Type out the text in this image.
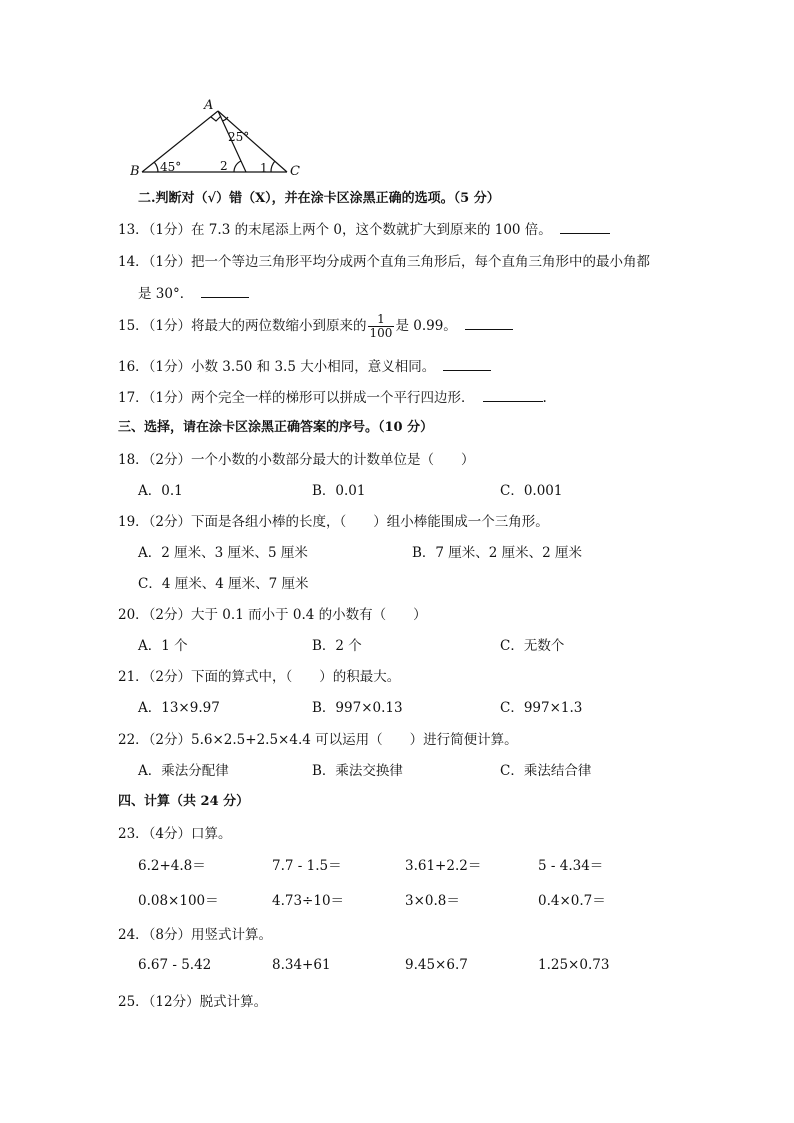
A
B	C
45°
25°
2	1
二.判断对（√）错（X），并在涂卡区涂黑正确的选项。（5 分）
13．（1分）在 7.3 的末尾添上两个 0，这个数就扩大到原来的 100 倍。
14．（1分）把一个等边三角形平均分成两个直角三角形后，每个直角三角形中的最小角都
是 30°．
15．（1分）将最大的两位数缩小到原来的 $\frac{1}{100}$ 是 0.99。
16．（1分）小数 3.50 和 3.5 大小相同，意义相同。
17．（1分）两个完全一样的梯形可以拼成一个平行四边形．	.
三、选择，请在涂卡区涂黑正确答案的序号。（10 分）
18．（2分）一个小数的小数部分最大的计数单位是（　　）
A．0.1	B．0.01	C．0.001
19．（2分）下面是各组小棒的长度，（　　）组小棒能围成一个三角形。
A．2 厘米、3 厘米、5 厘米	B．7 厘米、2 厘米、2 厘米
C．4 厘米、4 厘米、7 厘米
20．（2分）大于 0.1 而小于 0.4 的小数有（　　）
A．1 个	B．2 个	C．无数个
21．（2分）下面的算式中，（　　）的积最大。
A．13×9.97	B．997×0.13	C．997×1.3
22．（2分）5.6×2.5+2.5×4.4 可以运用（　　）进行简便计算。
A．乘法分配律	B．乘法交换律	C．乘法结合律
四、计算（共 24 分）
23．（4分）口算。
6.2+4.8＝	7.7 - 1.5＝	3.61+2.2＝	5 - 4.34＝
0.08×100＝	4.73÷10＝	3×0.8＝	0.4×0.7＝
24．（8分）用竖式计算。
6.67 - 5.42	8.34+61	9.45×6.7	1.25×0.73
25．（12分）脱式计算。
